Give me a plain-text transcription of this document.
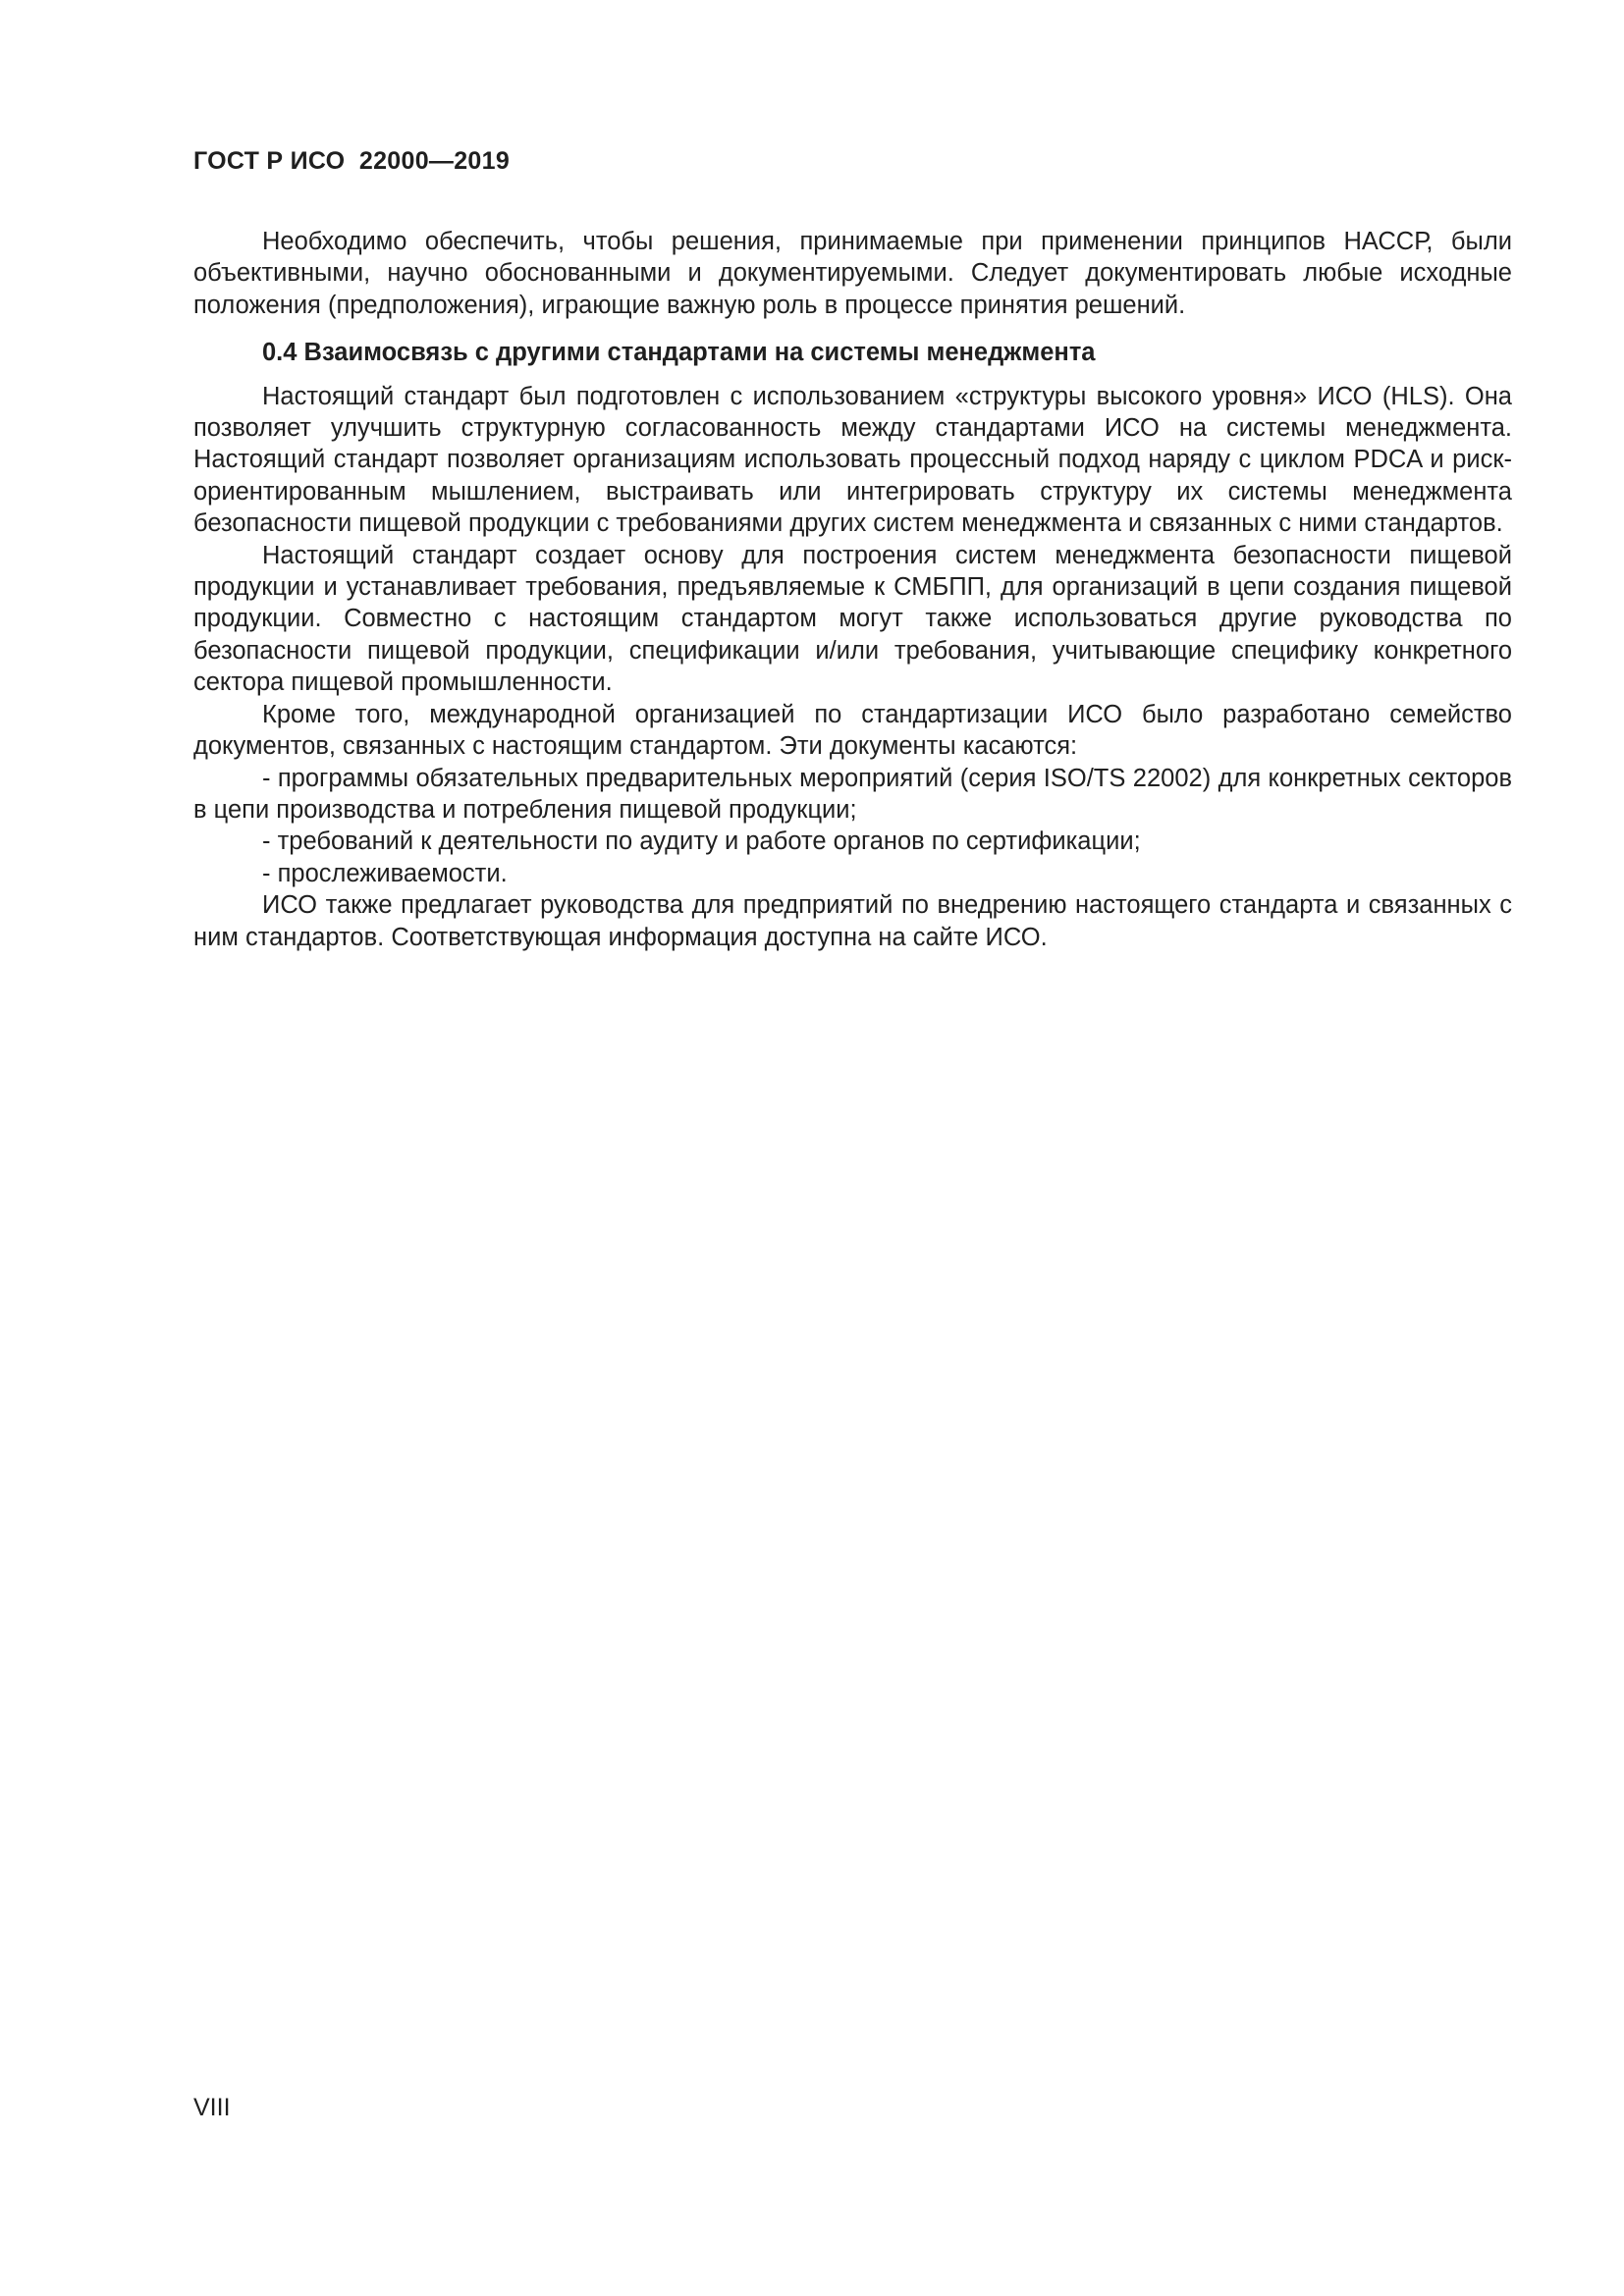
ГОСТ Р ИСО  22000—2019

Необходимо обеспечить, чтобы решения, принимаемые при применении принципов НАССР, были объективными, научно обоснованными и документируемыми. Следует документировать любые исходные положения (предположения), играющие важную роль в процессе принятия решений.

0.4 Взаимосвязь с другими стандартами на системы менеджмента

Настоящий стандарт был подготовлен с использованием «структуры высокого уровня» ИСО (HLS). Она позволяет улучшить структурную согласованность между стандартами ИСО на системы менеджмента. Настоящий стандарт позволяет организациям использовать процессный подход наряду с циклом PDCA и риск-ориентированным мышлением, выстраивать или интегрировать структуру их системы менеджмента безопасности пищевой продукции с требованиями других систем менеджмента и связанных с ними стандартов.

Настоящий стандарт создает основу для построения систем менеджмента безопасности пищевой продукции и устанавливает требования, предъявляемые к СМБПП, для организаций в цепи создания пищевой продукции. Совместно с настоящим стандартом могут также использоваться другие руководства по безопасности пищевой продукции, спецификации и/или требования, учитывающие специфику конкретного сектора пищевой промышленности.

Кроме того, международной организацией по стандартизации ИСО было разработано семейство документов, связанных с настоящим стандартом. Эти документы касаются:

- программы обязательных предварительных мероприятий (серия ISO/TS 22002) для конкретных секторов в цепи производства и потребления пищевой продукции;
- требований к деятельности по аудиту и работе органов по сертификации;
- прослеживаемости.

ИСО также предлагает руководства для предприятий по внедрению настоящего стандарта и связанных с ним стандартов. Соответствующая информация доступна на сайте ИСО.

VIII
